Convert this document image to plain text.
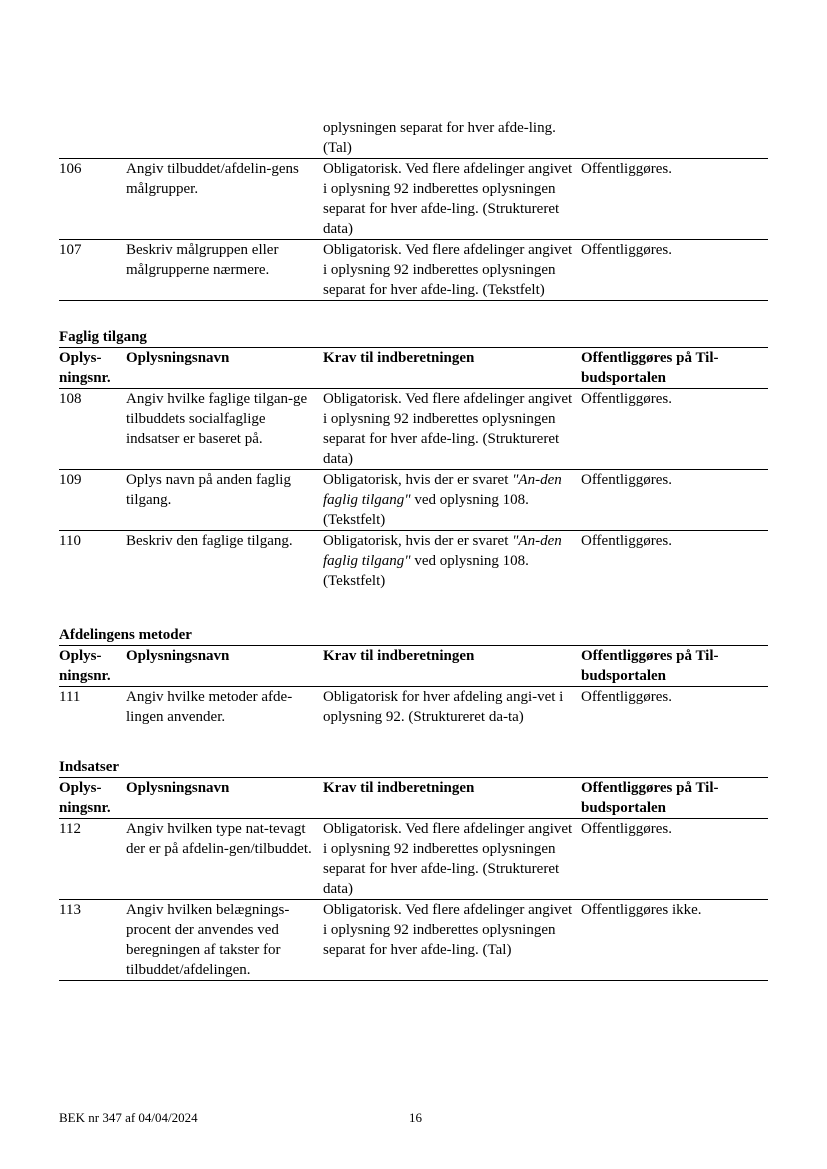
		oplysningen separat for hver afde-ling. (Tal)	
106	Angiv tilbuddet/afdelin-gens målgrupper.	Obligatorisk. Ved flere afdelinger angivet i oplysning 92 indberettes oplysningen separat for hver afde-ling. (Struktureret data)	Offentliggøres.
107	Beskriv målgruppen eller målgrupperne nærmere.	Obligatorisk. Ved flere afdelinger angivet i oplysning 92 indberettes oplysningen separat for hver afde-ling. (Tekstfelt)	Offentliggøres.

Faglig tilgang

Oplys-ningsnr.	Oplysningsnavn	Krav til indberetningen	Offentliggøres på Til-budsportalen
108	Angiv hvilke faglige tilgan-ge tilbuddets socialfaglige indsatser er baseret på.	Obligatorisk. Ved flere afdelinger angivet i oplysning 92 indberettes oplysningen separat for hver afde-ling. (Struktureret data)	Offentliggøres.
109	Oplys navn på anden faglig tilgang.	Obligatorisk, hvis der er svaret "An-den faglig tilgang" ved oplysning 108. (Tekstfelt)	Offentliggøres.
110	Beskriv den faglige tilgang.	Obligatorisk, hvis der er svaret "An-den faglig tilgang" ved oplysning 108. (Tekstfelt)	Offentliggøres.

Afdelingens metoder

Oplys-ningsnr.	Oplysningsnavn	Krav til indberetningen	Offentliggøres på Til-budsportalen
111	Angiv hvilke metoder afde-lingen anvender.	Obligatorisk for hver afdeling angi-vet i oplysning 92. (Struktureret da-ta)	Offentliggøres.

Indsatser

Oplys-ningsnr.	Oplysningsnavn	Krav til indberetningen	Offentliggøres på Til-budsportalen
112	Angiv hvilken type nat-tevagt der er på afdelin-gen/tilbuddet.	Obligatorisk. Ved flere afdelinger angivet i oplysning 92 indberettes oplysningen separat for hver afde-ling. (Struktureret data)	Offentliggøres.
113	Angiv hvilken belægnings-procent der anvendes ved beregningen af takster for tilbuddet/afdelingen.	Obligatorisk. Ved flere afdelinger angivet i oplysning 92 indberettes oplysningen separat for hver afde-ling. (Tal)	Offentliggøres ikke.
BEK nr 347 af 04/04/2024	16
